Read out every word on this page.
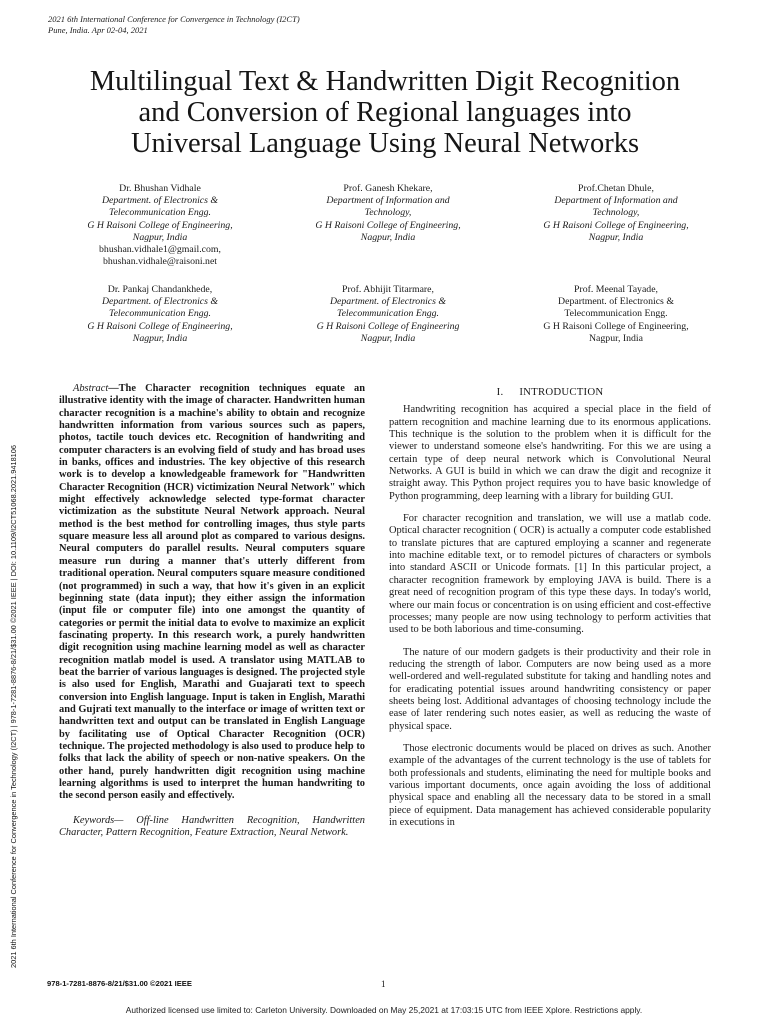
2021 6th International Conference for Convergence in Technology (I2CT)
Pune, India. Apr 02-04, 2021
Multilingual Text & Handwritten Digit Recognition
and Conversion of Regional languages into
Universal Language Using Neural Networks
Dr. Bhushan Vidhale
Department. of Electronics &
Telecommunication Engg.
G H Raisoni College of Engineering,
Nagpur, India
bhushan.vidhale1@gmail.com,
bhushan.vidhale@raisoni.net
Prof. Ganesh Khekare,
Department of Information and
Technology,
G H Raisoni College of Engineering,
Nagpur, India
Prof.Chetan Dhule,
Department of Information and
Technology,
G H Raisoni College of Engineering,
Nagpur, India
Dr. Pankaj Chandankhede,
Department. of Electronics &
Telecommunication Engg.
G H Raisoni College of Engineering,
Nagpur, India
Prof. Abhijit Titarmare,
Department. of Electronics &
Telecommunication Engg.
G H Raisoni College of Engineering
Nagpur, India
Prof. Meenal Tayade,
Department. of Electronics &
Telecommunication Engg.
G H Raisoni College of Engineering,
Nagpur, India
2021 6th International Conference for Convergence in Technology (I2CT) | 978-1-7281-8876-8/21/$31.00 ©2021 IEEE | DOI: 10.1109/I2CT51068.2021.9418106
Abstract—The Character recognition techniques equate an illustrative identity with the image of character. Handwritten human character recognition is a machine's ability to obtain and recognize handwritten information from various sources such as papers, photos, tactile touch devices etc. Recognition of handwriting and computer characters is an evolving field of study and has broad uses in banks, offices and industries. The key objective of this research work is to develop a knowledgeable framework for "Handwritten Character Recognition (HCR) victimization Neural Network" which might effectively acknowledge selected type-format character victimization as the substitute Neural Network approach. Neural method is the best method for controlling images, thus style parts square measure less all around plot as compared to various designs. Neural computers do parallel results. Neural computers square measure run during a manner that's utterly different from traditional operation. Neural computers square measure conditioned (not programmed) in such a way, that how it's given in an explicit beginning state (data input); they either assign the information (input file or computer file) into one amongst the quantity of categories or permit the initial data to evolve to maximize an explicit fascinating property. In this research work, a purely handwritten digit recognition using machine learning model as well as character recognition matlab model is used. A translator using MATLAB to beat the barrier of various languages is designed. The projected style is also used for English, Marathi and Guajarati text to speech conversion into English language. Input is taken in English, Marathi and Gujrati text manually to the interface or image of written text or handwritten text and output can be translated in English Language by facilitating use of Optical Character Recognition (OCR) technique. The projected methodology is also used to produce help to folks that lack the ability of speech or non-native speakers. On the other hand, purely handwritten digit recognition using machine learning algorithms is used to interpret the human handwriting to the second person easily and effectively.
Keywords— Off-line Handwritten Recognition, Handwritten Character, Pattern Recognition, Feature Extraction, Neural Network.
I. INTRODUCTION

Handwriting recognition has acquired a special place in the field of pattern recognition and machine learning due to its enormous applications. This technique is the solution to the problem when it is difficult for the viewer to understand someone else's handwriting. For this we are using a certain type of deep neural network which is Convolutional Neural Networks. A GUI is build in which we can draw the digit and recognize it straight away. This Python project requires you to have basic knowledge of Python programming, deep learning with a library for building GUI.

For character recognition and translation, we will use a matlab code. Optical character recognition ( OCR) is actually a computer code established to translate pictures that are captured employing a scanner and regenerate into machine editable text, or to remodel pictures of characters or symbols into standard ASCII or Unicode formats. [1] In this particular project, a character recognition framework by employing JAVA is build. There is a great need of recognition program of this type these days. In today's world, where our main focus or concentration is on using efficient and cost-effective processes; many people are now using technology to perform activities that used to be both laborious and time-consuming.

The nature of our modern gadgets is their productivity and their role in reducing the strength of labor. Computers are now being used as a more well-ordered and well-regulated substitute for taking and handling notes and for eradicating potential issues around handwriting consistency or paper sheets being lost. Additional advantages of choosing technology include the ease of later rendering such notes easier, as well as reducing the waste of physical space.

Those electronic documents would be placed on drives as such. Another example of the advantages of the current technology is the use of tablets for both professionals and students, eliminating the need for multiple books and various important documents, once again avoiding the loss of additional physical space and enabling all the necessary data to be stored in a small piece of equipment. Data management has achieved considerable popularity in executions in

978-1-7281-8876-8/21/$31.00 ©2021 IEEE	1
Authorized licensed use limited to: Carleton University. Downloaded on May 25,2021 at 17:03:15 UTC from IEEE Xplore. Restrictions apply.
